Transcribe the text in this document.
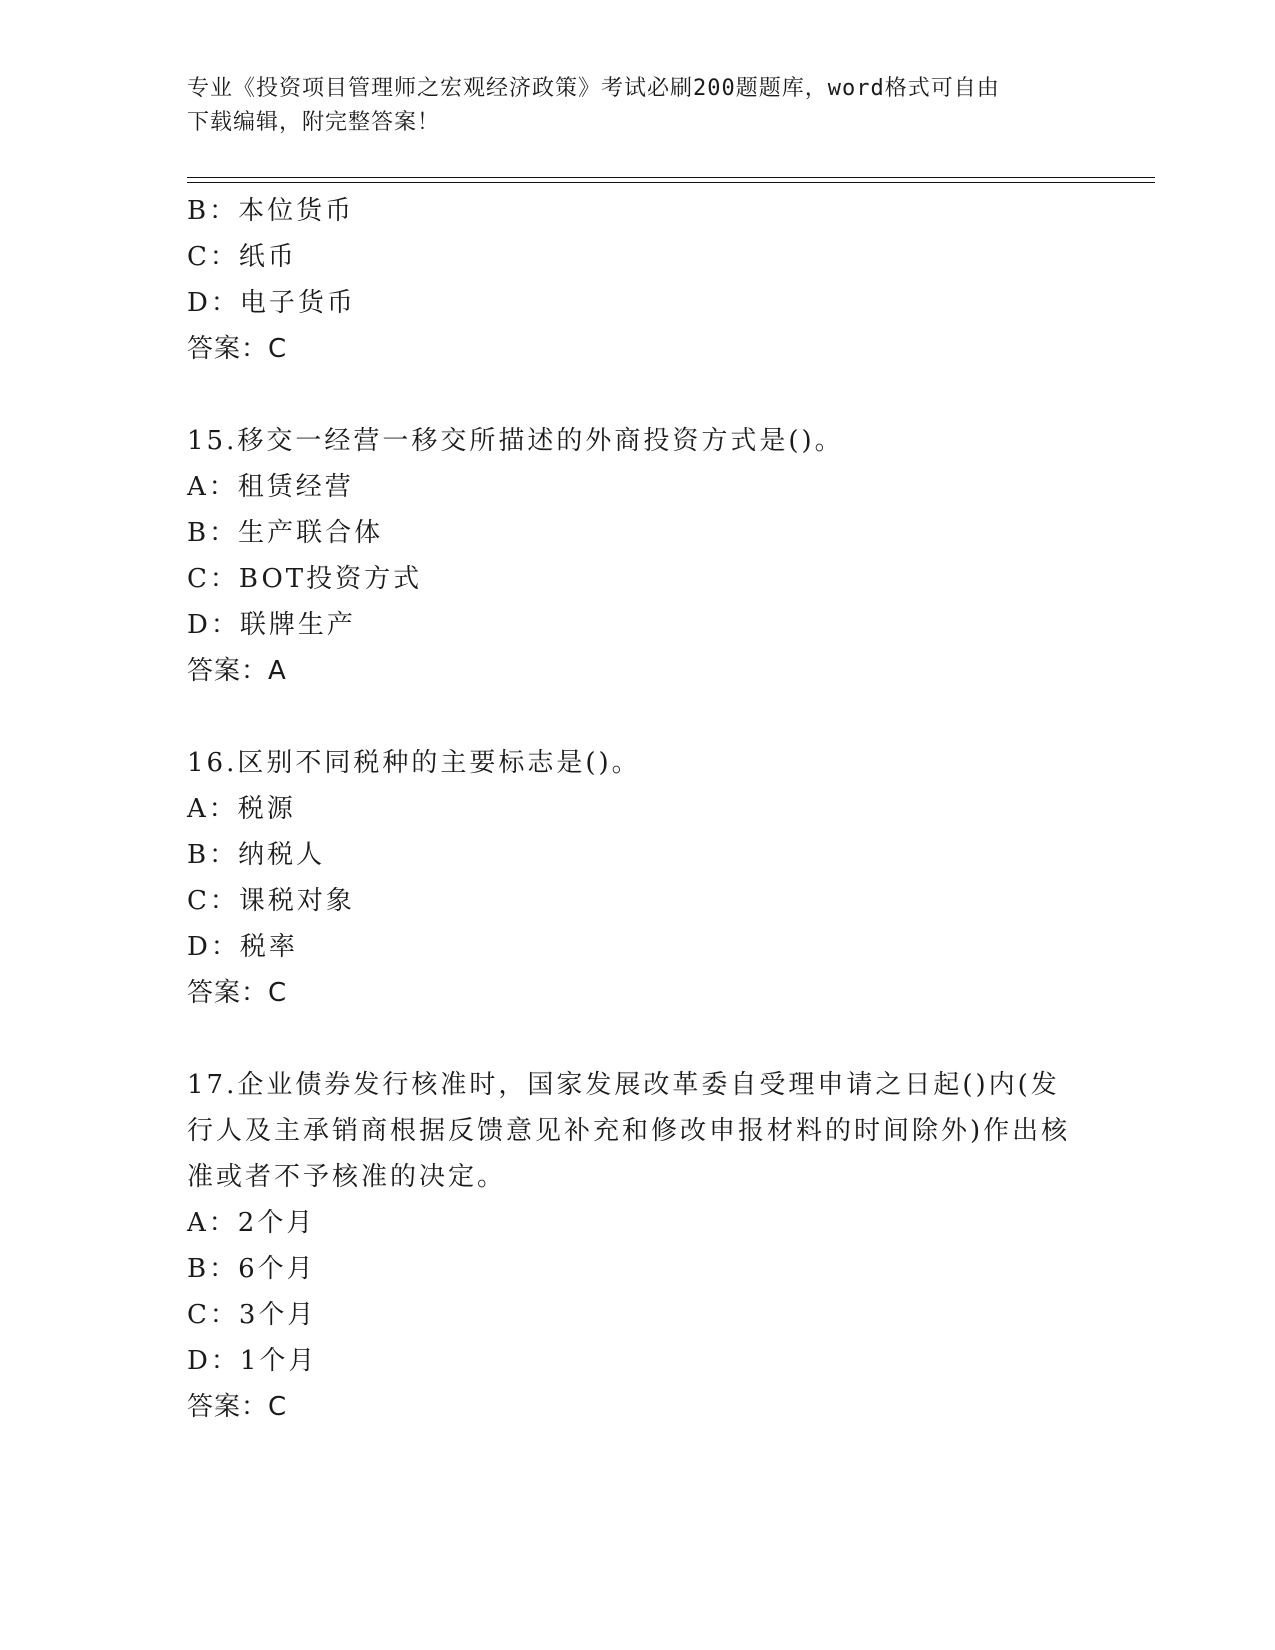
专业《投资项目管理师之宏观经济政策》考试必刷200题题库，word格式可自由
下载编辑，附完整答案！
B：本位货币
C：纸币
D：电子货币
答案：C
15.移交一经营一移交所描述的外商投资方式是()。
A：租赁经营
B：生产联合体
C：BOT投资方式
D：联牌生产
答案：A
16.区别不同税种的主要标志是()。
A：税源
B：纳税人
C：课税对象
D：税率
答案：C
17.企业债券发行核准时，国家发展改革委自受理申请之日起()内(发
行人及主承销商根据反馈意见补充和修改申报材料的时间除外)作出核
准或者不予核准的决定。
A：2个月
B：6个月
C：3个月
D：1个月
答案：C
